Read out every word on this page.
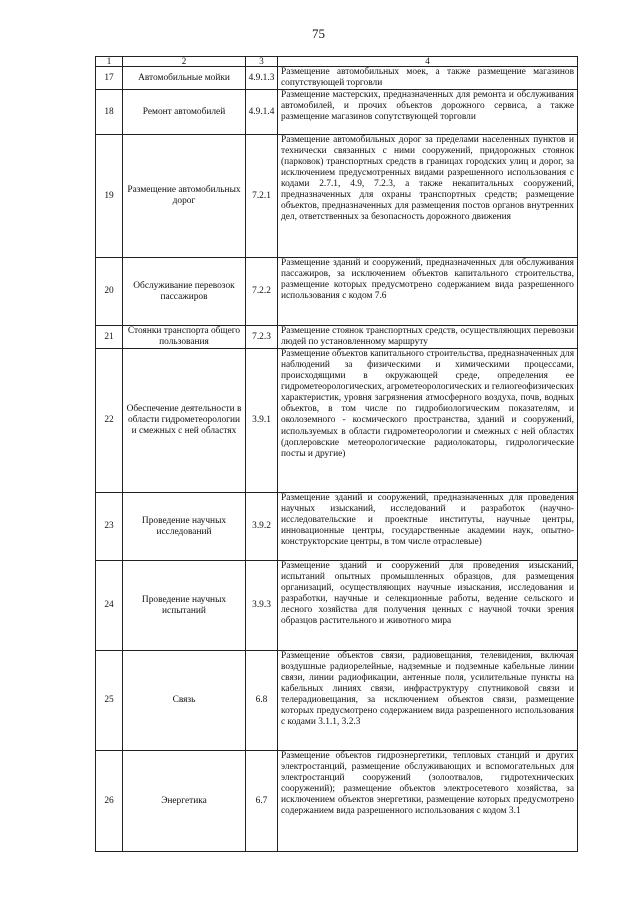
75
1	2	3	4
17	Автомобильные мойки	4.9.1.3	Размещение автомобильных моек, а также размещение магазинов сопутствующей торговли
18	Ремонт автомобилей	4.9.1.4	Размещение мастерских, предназначенных для ремонта и обслуживания автомобилей, и прочих объектов дорожного сервиса, а также размещение магазинов сопутствующей торговли
19	Размещение автомобильных дорог	7.2.1	Размещение автомобильных дорог за пределами населенных пунктов и технически связанных с ними сооружений, придорожных стоянок (парковок) транспортных средств в границах городских улиц и дорог, за исключением предусмотренных видами разрешенного использования с кодами 2.7.1, 4.9, 7.2.3, а также некапитальных сооружений, предназначенных для охраны транспортных средств; размещение объектов, предназначенных для размещения постов органов внутренних дел, ответственных за безопасность дорожного движения
20	Обслуживание перевозок пассажиров	7.2.2	Размещение зданий и сооружений, предназначенных для обслуживания пассажиров, за исключением объектов капитального строительства, размещение которых предусмотрено содержанием вида разрешенного использования с кодом 7.6
21	Стоянки транспорта общего пользования	7.2.3	Размещение стоянок транспортных средств, осуществляющих перевозки людей по установленному маршруту
22	Обеспечение деятельности в области гидрометеорологии и смежных с ней областях	3.9.1	Размещение объектов капитального строительства, предназначенных для наблюдений за физическими и химическими процессами, происходящими в окружающей среде, определения ее гидрометеорологических, агрометеорологических и гелиогеофизических характеристик, уровня загрязнения атмосферного воздуха, почв, водных объектов, в том числе по гидробиологическим показателям, и околоземного - космического пространства, зданий и сооружений, используемых в области гидрометеорологии и смежных с ней областях (доплеровские метеорологические радиолокаторы, гидрологические посты и другие)
23	Проведение научных исследований	3.9.2	Размещение зданий и сооружений, предназначенных для проведения научных изысканий, исследований и разработок (научно-исследовательские и проектные институты, научные центры, инновационные центры, государственные академии наук, опытно-конструкторские центры, в том числе отраслевые)
24	Проведение научных испытаний	3.9.3	Размещение зданий и сооружений для проведения изысканий, испытаний опытных промышленных образцов, для размещения организаций, осуществляющих научные изыскания, исследования и разработки, научные и селекционные работы, ведение сельского и лесного хозяйства для получения ценных с научной точки зрения образцов растительного и животного мира
25	Связь	6.8	Размещение объектов связи, радиовещания, телевидения, включая воздушные радиорелейные, надземные и подземные кабельные линии связи, линии радиофикации, антенные поля, усилительные пункты на кабельных линиях связи, инфраструктуру спутниковой связи и телерадиовещания, за исключением объектов связи, размещение которых предусмотрено содержанием вида разрешенного использования с кодами 3.1.1, 3.2.3
26	Энергетика	6.7	Размещение объектов гидроэнергетики, тепловых станций и других электростанций, размещение обслуживающих и вспомогательных для электростанций сооружений (золоотвалов, гидротехнических сооружений); размещение объектов электросетевого хозяйства, за исключением объектов энергетики, размещение которых предусмотрено содержанием вида разрешенного использования с кодом 3.1
